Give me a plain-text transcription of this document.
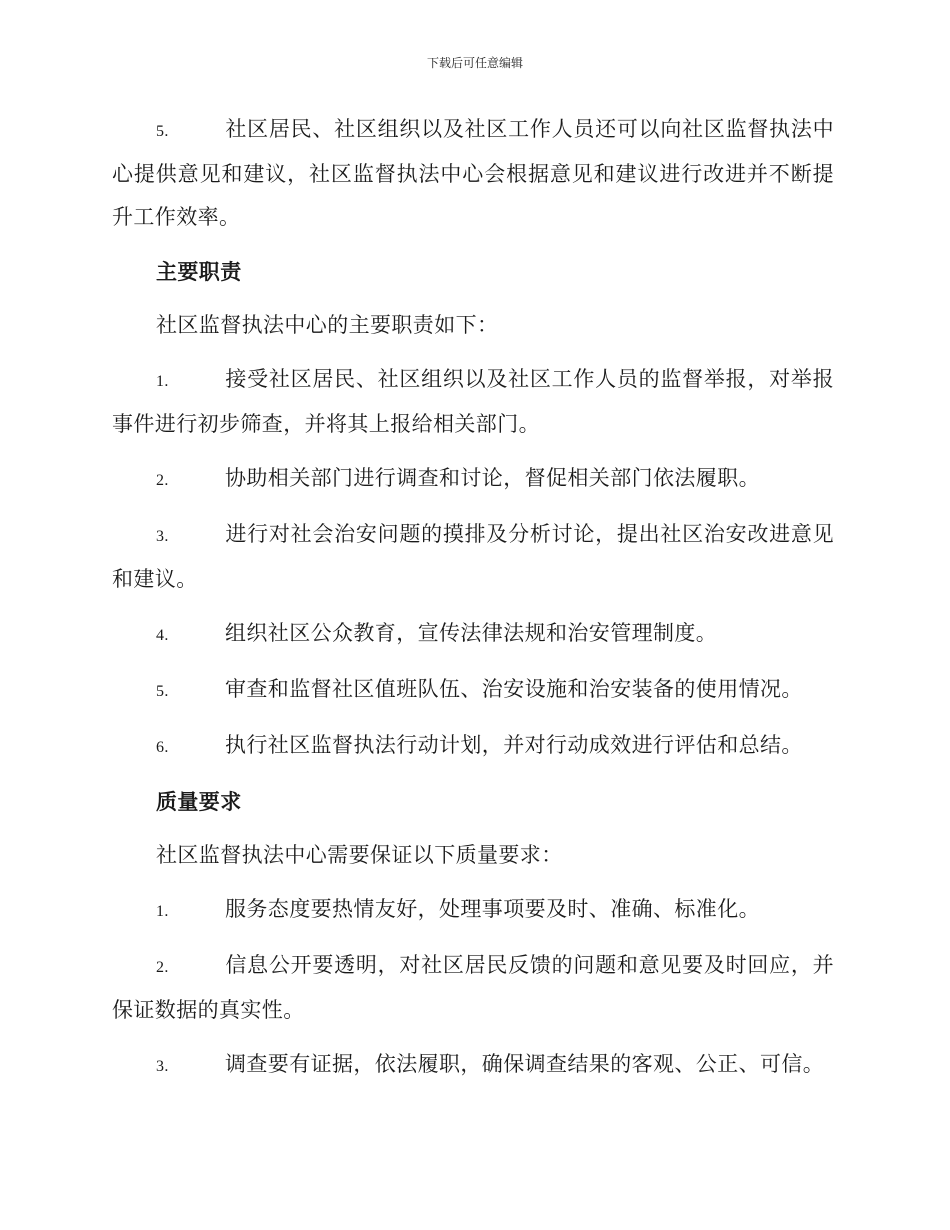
下载后可任意编辑
5.	社区居民、社区组织以及社区工作人员还可以向社区监督执法中心提供意见和建议，社区监督执法中心会根据意见和建议进行改进并不断提升工作效率。
主要职责
社区监督执法中心的主要职责如下：
1.	接受社区居民、社区组织以及社区工作人员的监督举报，对举报事件进行初步筛查，并将其上报给相关部门。
2.	协助相关部门进行调查和讨论，督促相关部门依法履职。
3.	进行对社会治安问题的摸排及分析讨论，提出社区治安改进意见和建议。
4.	组织社区公众教育，宣传法律法规和治安管理制度。
5.	审查和监督社区值班队伍、治安设施和治安装备的使用情况。
6.	执行社区监督执法行动计划，并对行动成效进行评估和总结。
质量要求
社区监督执法中心需要保证以下质量要求：
1.	服务态度要热情友好，处理事项要及时、准确、标准化。
2.	信息公开要透明，对社区居民反馈的问题和意见要及时回应，并保证数据的真实性。
3.	调查要有证据，依法履职，确保调查结果的客观、公正、可信。
